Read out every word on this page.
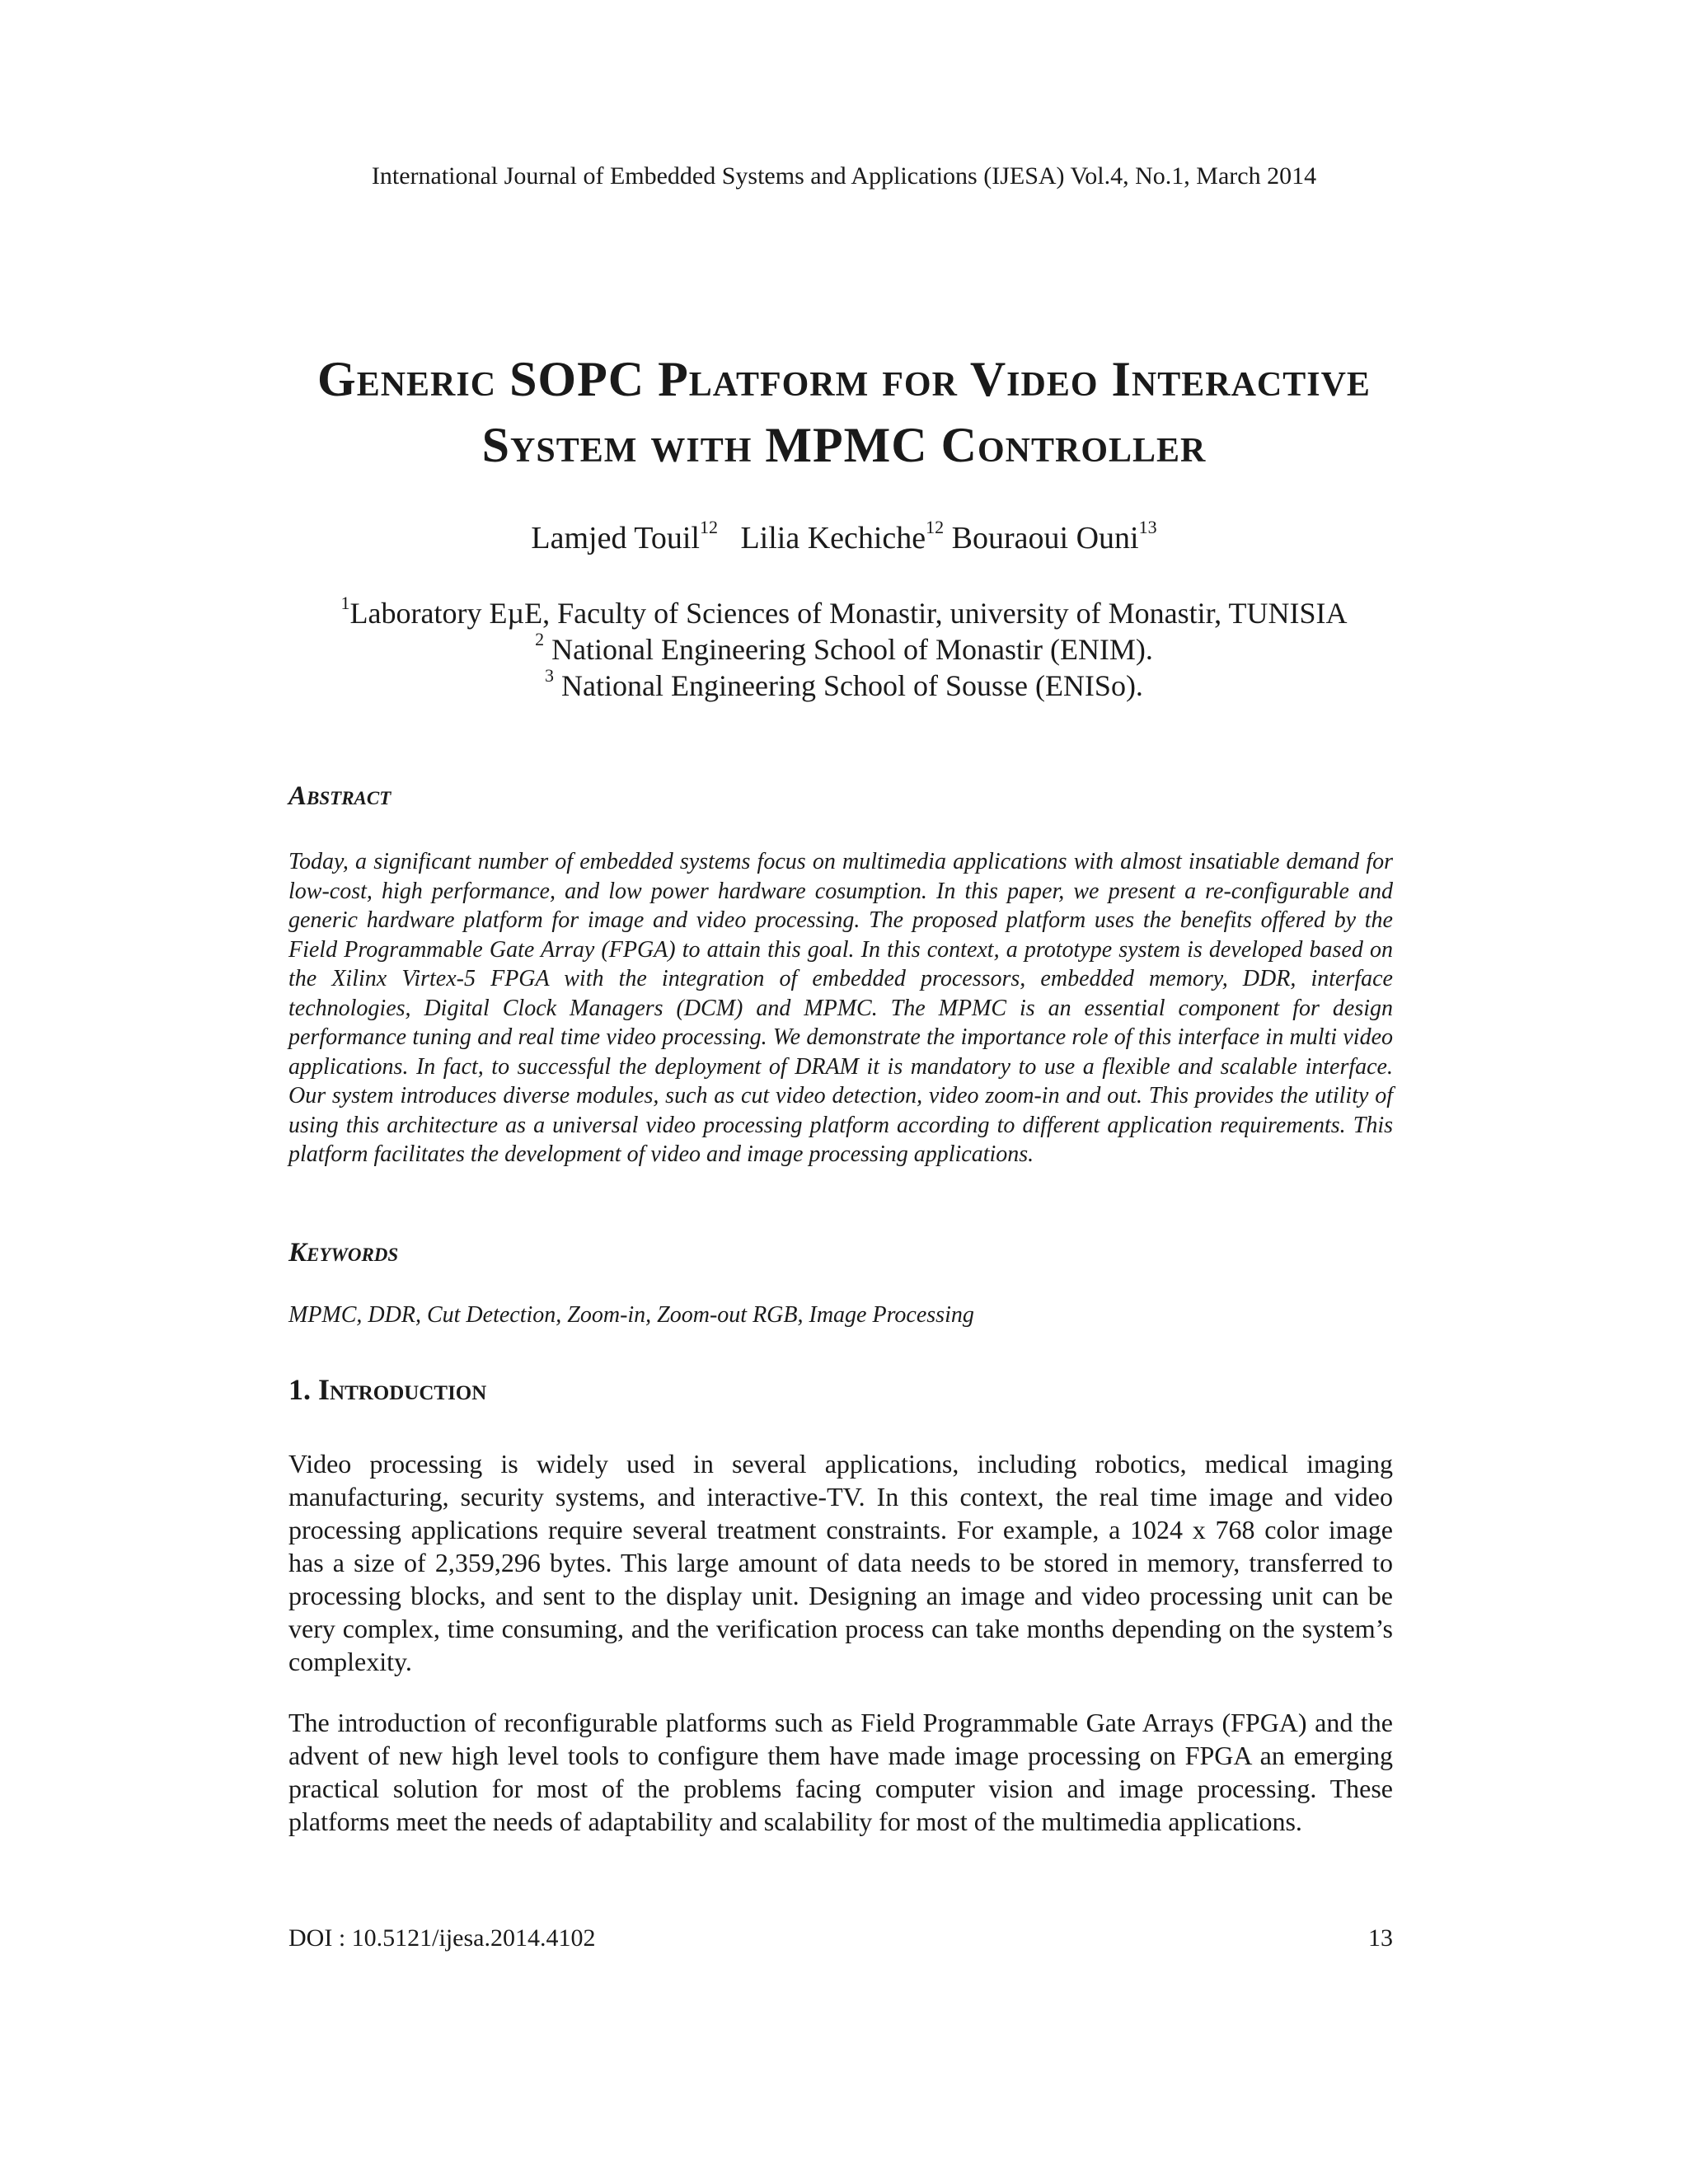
International Journal of Embedded Systems and Applications (IJESA) Vol.4, No.1, March 2014
Generic SOPC Platform for Video Interactive
System with MPMC Controller
Lamjed Touil$^{12}$ Lilia Kechiche$^{12}$ Bouraoui Ouni$^{13}$
$^1$Laboratory EµE, Faculty of Sciences of Monastir, university of Monastir, TUNISIA
$^2$ National Engineering School of Monastir (ENIM).
$^3$ National Engineering School of Sousse (ENISo).
Abstract
Today, a significant number of embedded systems focus on multimedia applications with almost insatiable demand for low-cost, high performance, and low power hardware cosumption. In this paper, we present a re-configurable and generic hardware platform for image and video processing. The proposed platform uses the benefits offered by the Field Programmable Gate Array (FPGA) to attain this goal. In this context, a prototype system is developed based on the Xilinx Virtex-5 FPGA with the integration of embedded processors, embedded memory, DDR, interface technologies, Digital Clock Managers (DCM) and MPMC. The MPMC is an essential component for design performance tuning and real time video processing. We demonstrate the importance role of this interface in multi video applications. In fact, to successful the deployment of DRAM it is mandatory to use a flexible and scalable interface. Our system introduces diverse modules, such as cut video detection, video zoom-in and out. This provides the utility of using this architecture as a universal video processing platform according to different application requirements. This platform facilitates the development of video and image processing applications.
Keywords
MPMC, DDR, Cut Detection, Zoom-in, Zoom-out RGB, Image Processing
1. Introduction
Video processing is widely used in several applications, including robotics, medical imaging manufacturing, security systems, and interactive-TV. In this context, the real time image and video processing applications require several treatment constraints. For example, a 1024 x 768 color image has a size of 2,359,296 bytes. This large amount of data needs to be stored in memory, transferred to processing blocks, and sent to the display unit. Designing an image and video processing unit can be very complex, time consuming, and the verification process can take months depending on the system’s complexity.
The introduction of reconfigurable platforms such as Field Programmable Gate Arrays (FPGA) and the advent of new high level tools to configure them have made image processing on FPGA an emerging practical solution for most of the problems facing computer vision and image processing. These platforms meet the needs of adaptability and scalability for most of the multimedia applications.
DOI : 10.5121/ijesa.2014.4102	13
